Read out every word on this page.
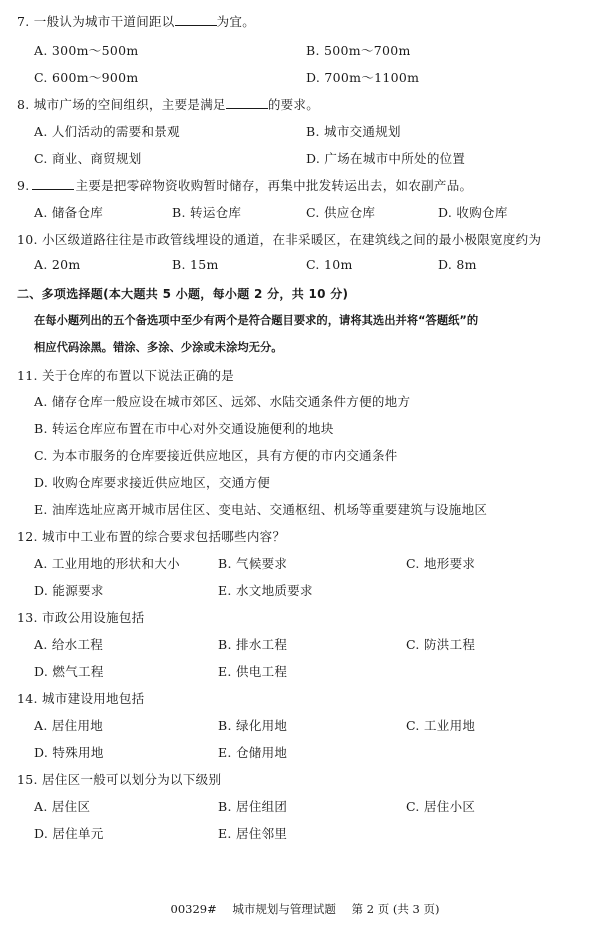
7. 一般认为城市干道间距以	为宜。
A. 300m～500m	B. 500m～700m
C. 600m～900m	D. 700m～1100m
8. 城市广场的空间组织，主要是满足	的要求。
A. 人们活动的需要和景观	B. 城市交通规划
C. 商业、商贸规划	D. 广场在城市中所处的位置
9.	主要是把零碎物资收购暂时储存，再集中批发转运出去，如农副产品。
A. 储备仓库	B. 转运仓库	C. 供应仓库	D. 收购仓库
10. 小区级道路往往是市政管线埋设的通道，在非采暖区，在建筑线之间的最小极限宽度约为
A. 20m	B. 15m	C. 10m	D. 8m
二、多项选择题(本大题共 5 小题，每小题 2 分，共 10 分)
在每小题列出的五个备选项中至少有两个是符合题目要求的，请将其选出并将“答题纸”的
相应代码涂黑。错涂、多涂、少涂或未涂均无分。
11. 关于仓库的布置以下说法正确的是
A. 储存仓库一般应设在城市郊区、远郊、水陆交通条件方便的地方
B. 转运仓库应布置在市中心对外交通设施便利的地块
C. 为本市服务的仓库要接近供应地区，具有方便的市内交通条件
D. 收购仓库要求接近供应地区，交通方便
E. 油库选址应离开城市居住区、变电站、交通枢纽、机场等重要建筑与设施地区
12. 城市中工业布置的综合要求包括哪些内容？
A. 工业用地的形状和大小	B. 气候要求	C. 地形要求
D. 能源要求	E. 水文地质要求
13. 市政公用设施包括
A. 给水工程	B. 排水工程	C. 防洪工程
D. 燃气工程	E. 供电工程
14. 城市建设用地包括
A. 居住用地	B. 绿化用地	C. 工业用地
D. 特殊用地	E. 仓储用地
15. 居住区一般可以划分为以下级别
A. 居住区	B. 居住组团	C. 居住小区
D. 居住单元	E. 居住邻里
00329# 城市规划与管理试题 第 2 页 (共 3 页)
